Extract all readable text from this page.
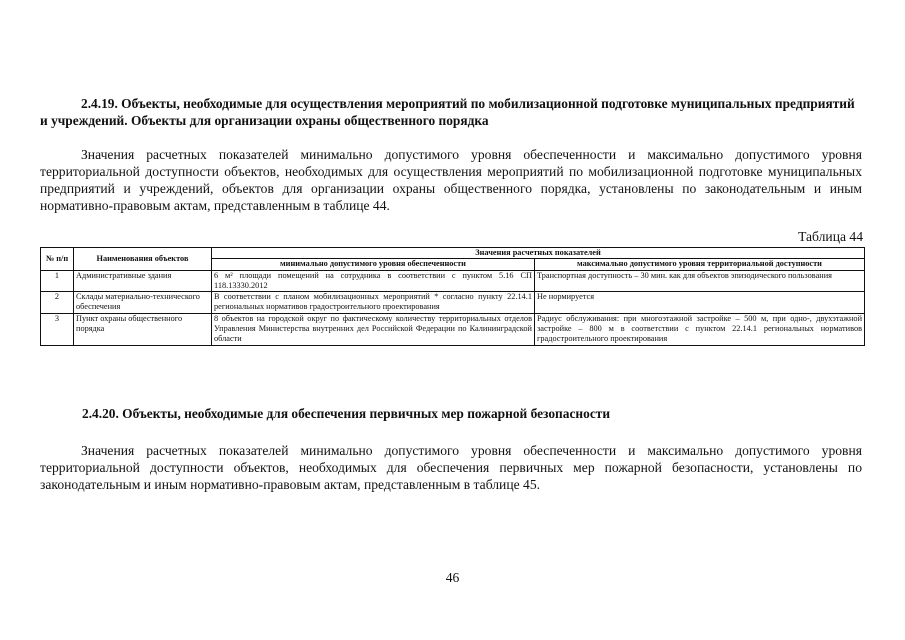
2.4.19. Объекты, необходимые для осуществления мероприятий по мобилизационной подготовке муниципальных предприятий и учреждений. Объекты для организации охраны общественного порядка

Значения расчетных показателей минимально допустимого уровня обеспеченности и максимально допустимого уровня территориальной доступности объектов, необходимых для осуществления мероприятий по мобилизационной подготовке муниципальных предприятий и учреждений, объектов для организации охраны общественного порядка, установлены по законодательным и иным нормативно-правовым актам, представленным в таблице 44.

Таблица 44
№ п/п	Наименования объектов	Значения расчетных показателей	
		минимально допустимого уровня обеспеченности	максимально допустимого уровня территориальной доступности
1	Административные здания	6 м² площади помещений на сотрудника в соответствии с пунктом 5.16 СП 118.13330.2012	Транспортная доступность – 30 мин. как для объектов эпизодического пользования
2	Склады материально-технического обеспечения	В соответствии с планом мобилизационных мероприятий * согласно пункту 22.14.1 региональных нормативов градостроительного проектирования	Не нормируется
3	Пункт охраны общественного порядка	8 объектов на городской округ по фактическому количеству территориальных отделов Управления Министерства внутренних дел Российской Федерации по Калининградской области	Радиус обслуживания: при многоэтажной застройке – 500 м, при одно-, двухэтажной застройке – 800 м в соответствии с пунктом 22.14.1 региональных нормативов градостроительного проектирования

2.4.20. Объекты, необходимые для обеспечения первичных мер пожарной безопасности

Значения расчетных показателей минимально допустимого уровня обеспеченности и максимально допустимого уровня территориальной доступности объектов, необходимых для обеспечения первичных мер пожарной безопасности, установлены по законодательным и иным нормативно-правовым актам, представленным в таблице 45.

46
